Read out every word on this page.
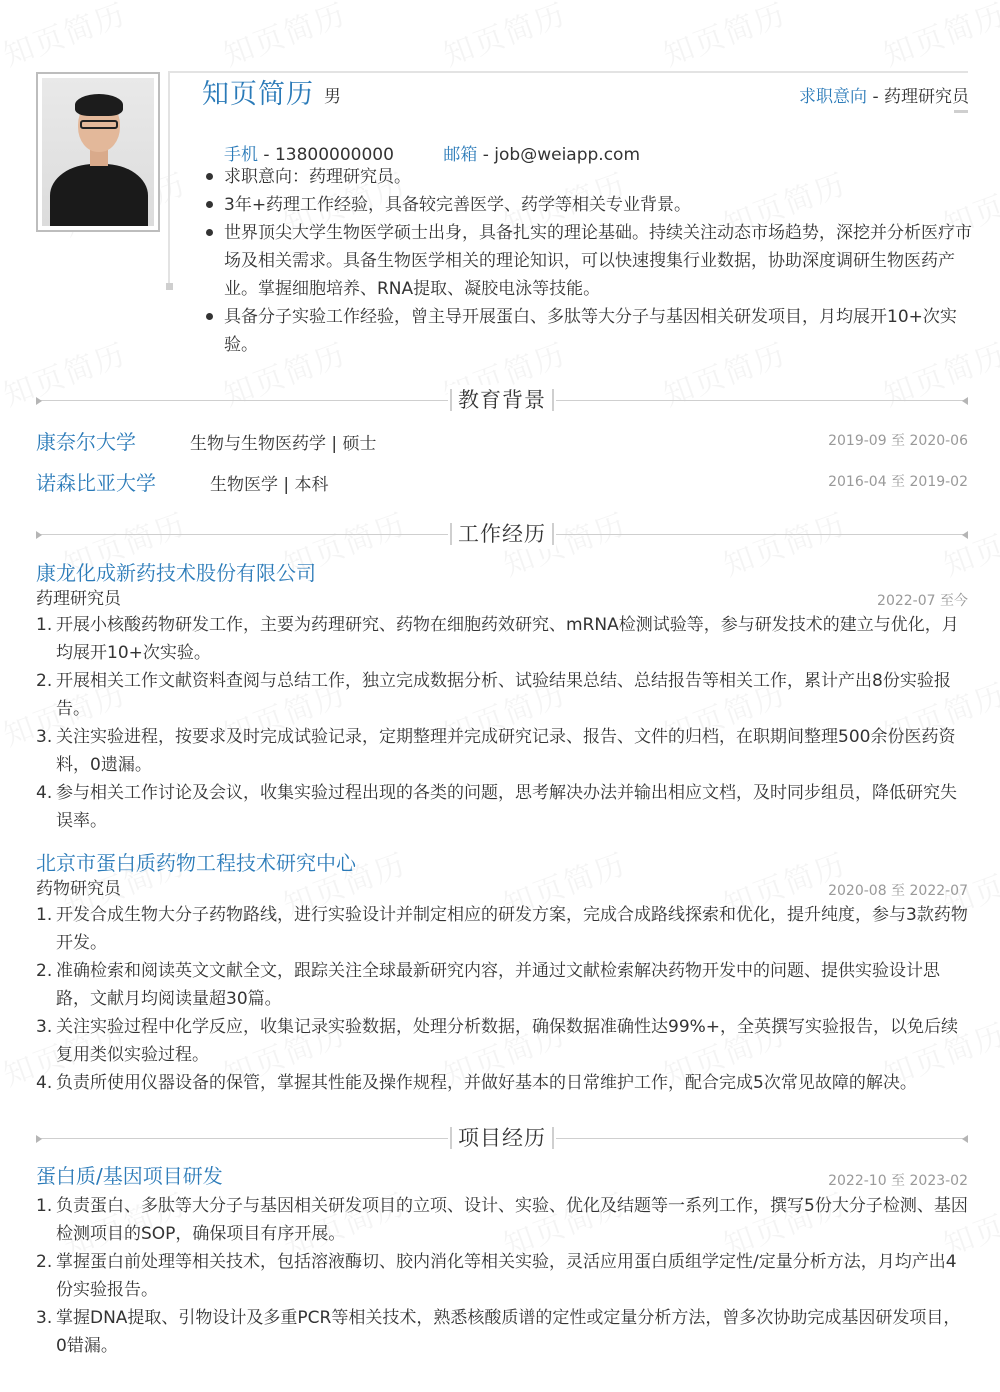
知页简历 男	求职意向 - 药理研究员
手机 - 13800000000	邮箱 - job@weiapp.com
求职意向：药理研究员。
3年+药理工作经验，具备较完善医学、药学等相关专业背景。
世界顶尖大学生物医学硕士出身，具备扎实的理论基础。持续关注动态市场趋势，深挖并分析医疗市场及相关需求。具备生物医学相关的理论知识，可以快速搜集行业数据，协助深度调研生物医药产业。掌握细胞培养、RNA提取、凝胶电泳等技能。
具备分子实验工作经验，曾主导开展蛋白、多肽等大分子与基因相关研发项目，月均展开10+次实验。
教育背景
康奈尔大学	生物与生物医药学 | 硕士	2019-09 至 2020-06
诺森比亚大学	生物医学 | 本科	2016-04 至 2019-02
工作经历
康龙化成新药技术股份有限公司
药理研究员	2022-07 至今
1. 开展小核酸药物研发工作，主要为药理研究、药物在细胞药效研究、mRNA检测试验等，参与研发技术的建立与优化，月均展开10+次实验。
2. 开展相关工作文献资料查阅与总结工作，独立完成数据分析、试验结果总结、总结报告等相关工作，累计产出8份实验报告。
3. 关注实验进程，按要求及时完成试验记录，定期整理并完成研究记录、报告、文件的归档，在职期间整理500余份医药资料，0遗漏。
4. 参与相关工作讨论及会议，收集实验过程出现的各类的问题，思考解决办法并输出相应文档，及时同步组员，降低研究失误率。
北京市蛋白质药物工程技术研究中心
药物研究员	2020-08 至 2022-07
1. 开发合成生物大分子药物路线，进行实验设计并制定相应的研发方案，完成合成路线探索和优化，提升纯度，参与3款药物开发。
2. 准确检索和阅读英文文献全文，跟踪关注全球最新研究内容，并通过文献检索解决药物开发中的问题、提供实验设计思路，文献月均阅读量超30篇。
3. 关注实验过程中化学反应，收集记录实验数据，处理分析数据，确保数据准确性达99%+，全英撰写实验报告，以免后续复用类似实验过程。
4. 负责所使用仪器设备的保管，掌握其性能及操作规程，并做好基本的日常维护工作，配合完成5次常见故障的解决。
项目经历
蛋白质/基因项目研发	2022-10 至 2023-02
1. 负责蛋白、多肽等大分子与基因相关研发项目的立项、设计、实验、优化及结题等一系列工作，撰写5份大分子检测、基因检测项目的SOP，确保项目有序开展。
2. 掌握蛋白前处理等相关技术，包括溶液酶切、胶内消化等相关实验，灵活应用蛋白质组学定性/定量分析方法，月均产出4份实验报告。
3. 掌握DNA提取、引物设计及多重PCR等相关技术，熟悉核酸质谱的定性或定量分析方法，曾多次协助完成基因研发项目，0错漏。
